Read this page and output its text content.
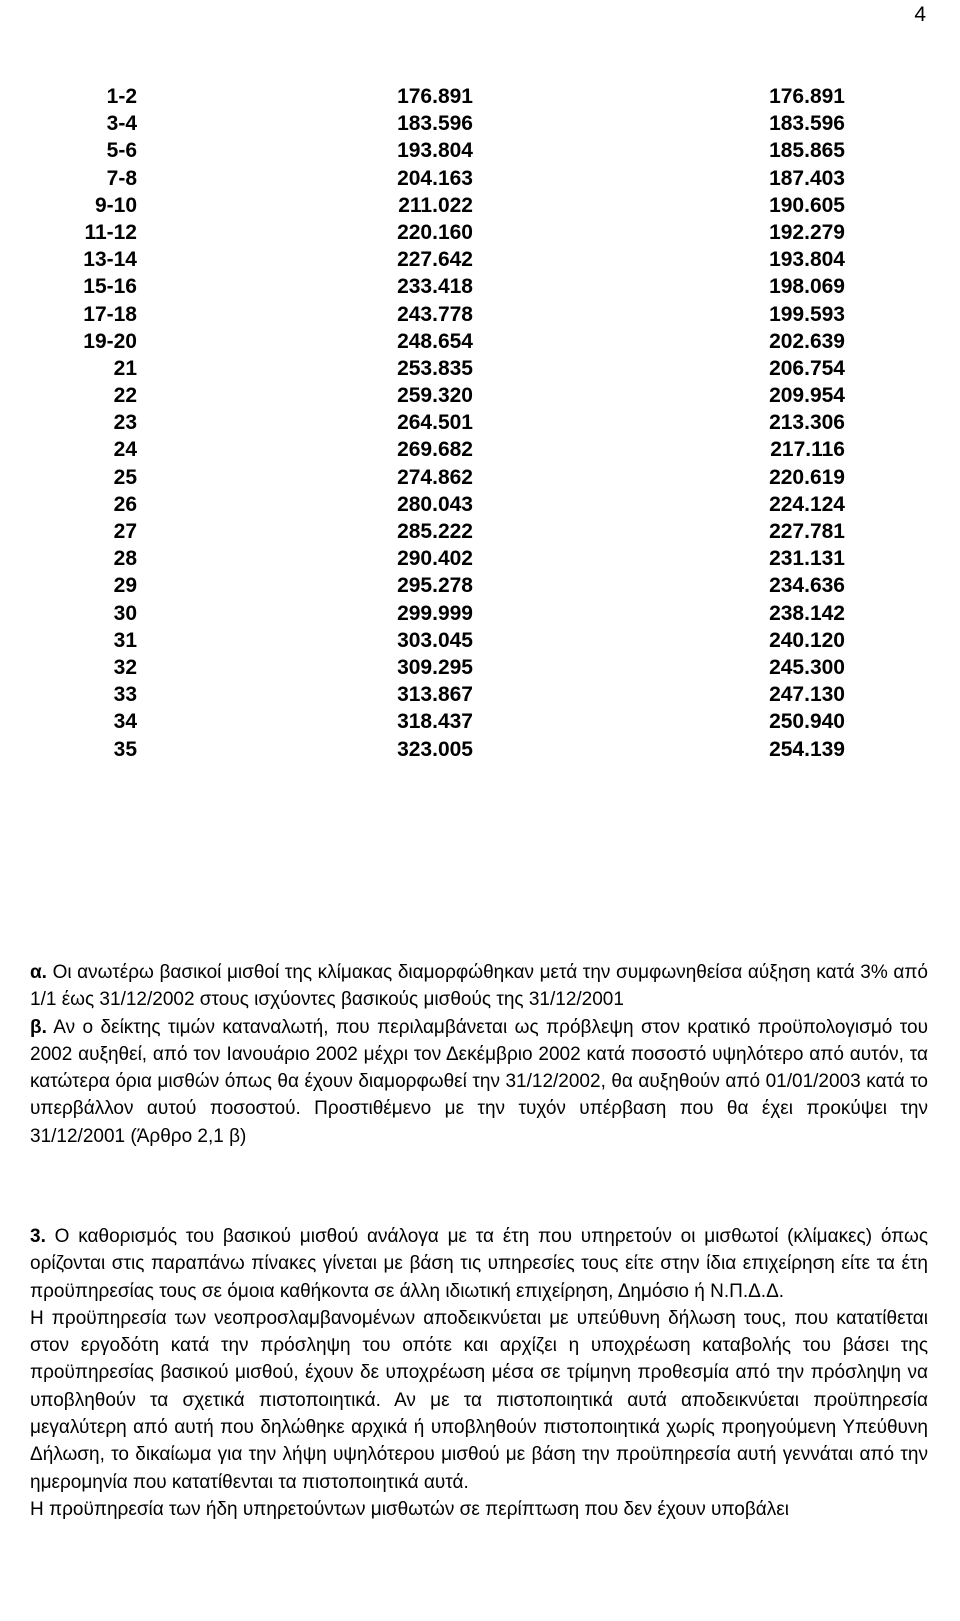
4
1-2	176.891	176.891
3-4	183.596	183.596
5-6	193.804	185.865
7-8	204.163	187.403
9-10	211.022	190.605
11-12	220.160	192.279
13-14	227.642	193.804
15-16	233.418	198.069
17-18	243.778	199.593
19-20	248.654	202.639
21	253.835	206.754
22	259.320	209.954
23	264.501	213.306
24	269.682	217.116
25	274.862	220.619
26	280.043	224.124
27	285.222	227.781
28	290.402	231.131
29	295.278	234.636
30	299.999	238.142
31	303.045	240.120
32	309.295	245.300
33	313.867	247.130
34	318.437	250.940
35	323.005	254.139

α. Οι ανωτέρω βασικοί μισθοί της κλίμακας διαμορφώθηκαν μετά την συμφωνηθείσα αύξηση κατά 3% από 1/1 έως 31/12/2002 στους ισχύοντες βασικούς μισθούς της 31/12/2001

β. Αν ο δείκτης τιμών καταναλωτή, που περιλαμβάνεται ως πρόβλεψη στον κρατικό προϋπολογισμό του 2002 αυξηθεί, από τον Ιανουάριο 2002 μέχρι τον Δεκέμβριο 2002 κατά ποσοστό υψηλότερο από αυτόν, τα κατώτερα όρια μισθών όπως θα έχουν διαμορφωθεί την 31/12/2002, θα αυξηθούν από 01/01/2003 κατά το υπερβάλλον αυτού ποσοστού. Προστιθέμενο με την τυχόν υπέρβαση που θα έχει προκύψει την 31/12/2001 (Άρθρο 2,1 β)

3. Ο καθορισμός του βασικού μισθού ανάλογα με τα έτη που υπηρετούν οι μισθωτοί (κλίμακες) όπως ορίζονται στις παραπάνω πίνακες γίνεται με βάση τις υπηρεσίες τους είτε στην ίδια επιχείρηση είτε τα έτη προϋπηρεσίας τους σε όμοια καθήκοντα σε άλλη ιδιωτική επιχείρηση, Δημόσιο ή Ν.Π.Δ.Δ.

Η προϋπηρεσία των νεοπροσλαμβανομένων αποδεικνύεται με υπεύθυνη δήλωση τους, που κατατίθεται στον εργοδότη κατά την πρόσληψη του οπότε και αρχίζει η υποχρέωση καταβολής του βάσει της προϋπηρεσίας βασικού μισθού, έχουν δε υποχρέωση μέσα σε τρίμηνη προθεσμία από την πρόσληψη να υποβληθούν τα σχετικά πιστοποιητικά. Αν με τα πιστοποιητικά αυτά αποδεικνύεται προϋπηρεσία μεγαλύτερη από αυτή που δηλώθηκε αρχικά ή υποβληθούν πιστοποιητικά χωρίς προηγούμενη Υπεύθυνη Δήλωση, το δικαίωμα για την λήψη υψηλότερου μισθού με βάση την προϋπηρεσία αυτή γεννάται από την ημερομηνία που κατατίθενται τα πιστοποιητικά αυτά.

Η προϋπηρεσία των ήδη υπηρετούντων μισθωτών σε περίπτωση που δεν έχουν υποβάλει
